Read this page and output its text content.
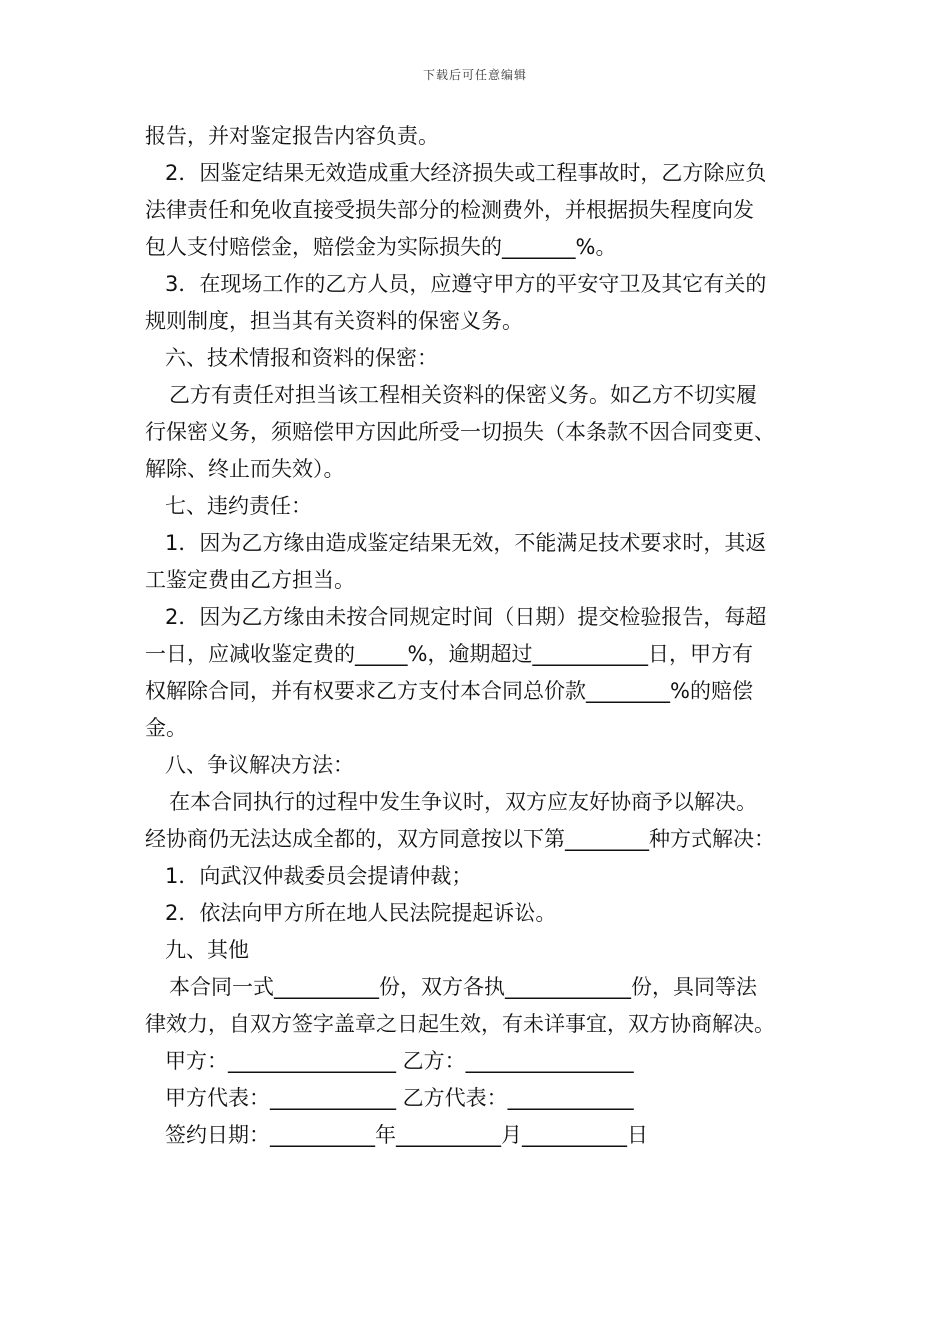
下载后可任意编辑
报告，并对鉴定报告内容负责。
2．因鉴定结果无效造成重大经济损失或工程事故时，乙方除应负
法律责任和免收直接受损失部分的检测费外，并根据损失程度向发
包人支付赔偿金，赔偿金为实际损失的_______%。
3．在现场工作的乙方人员，应遵守甲方的平安守卫及其它有关的
规则制度，担当其有关资料的保密义务。
六、技术情报和资料的保密：
乙方有责任对担当该工程相关资料的保密义务。如乙方不切实履
行保密义务，须赔偿甲方因此所受一切损失（本条款不因合同变更、
解除、终止而失效）。
七、违约责任：
1．因为乙方缘由造成鉴定结果无效，不能满足技术要求时，其返
工鉴定费由乙方担当。
2．因为乙方缘由未按合同规定时间（日期）提交检验报告，每超
一日，应减收鉴定费的_____%，逾期超过___________日，甲方有
权解除合同，并有权要求乙方支付本合同总价款________%的赔偿
金。
八、争议解决方法：
在本合同执行的过程中发生争议时，双方应友好协商予以解决。
经协商仍无法达成全都的，双方同意按以下第________种方式解决：
1．向武汉仲裁委员会提请仲裁；
2．依法向甲方所在地人民法院提起诉讼。
九、其他
本合同一式__________份，双方各执____________份，具同等法
律效力，自双方签字盖章之日起生效，有未详事宜，双方协商解决。
甲方：________________ 乙方：________________
甲方代表：____________ 乙方代表：____________
签约日期：__________年__________月__________日
